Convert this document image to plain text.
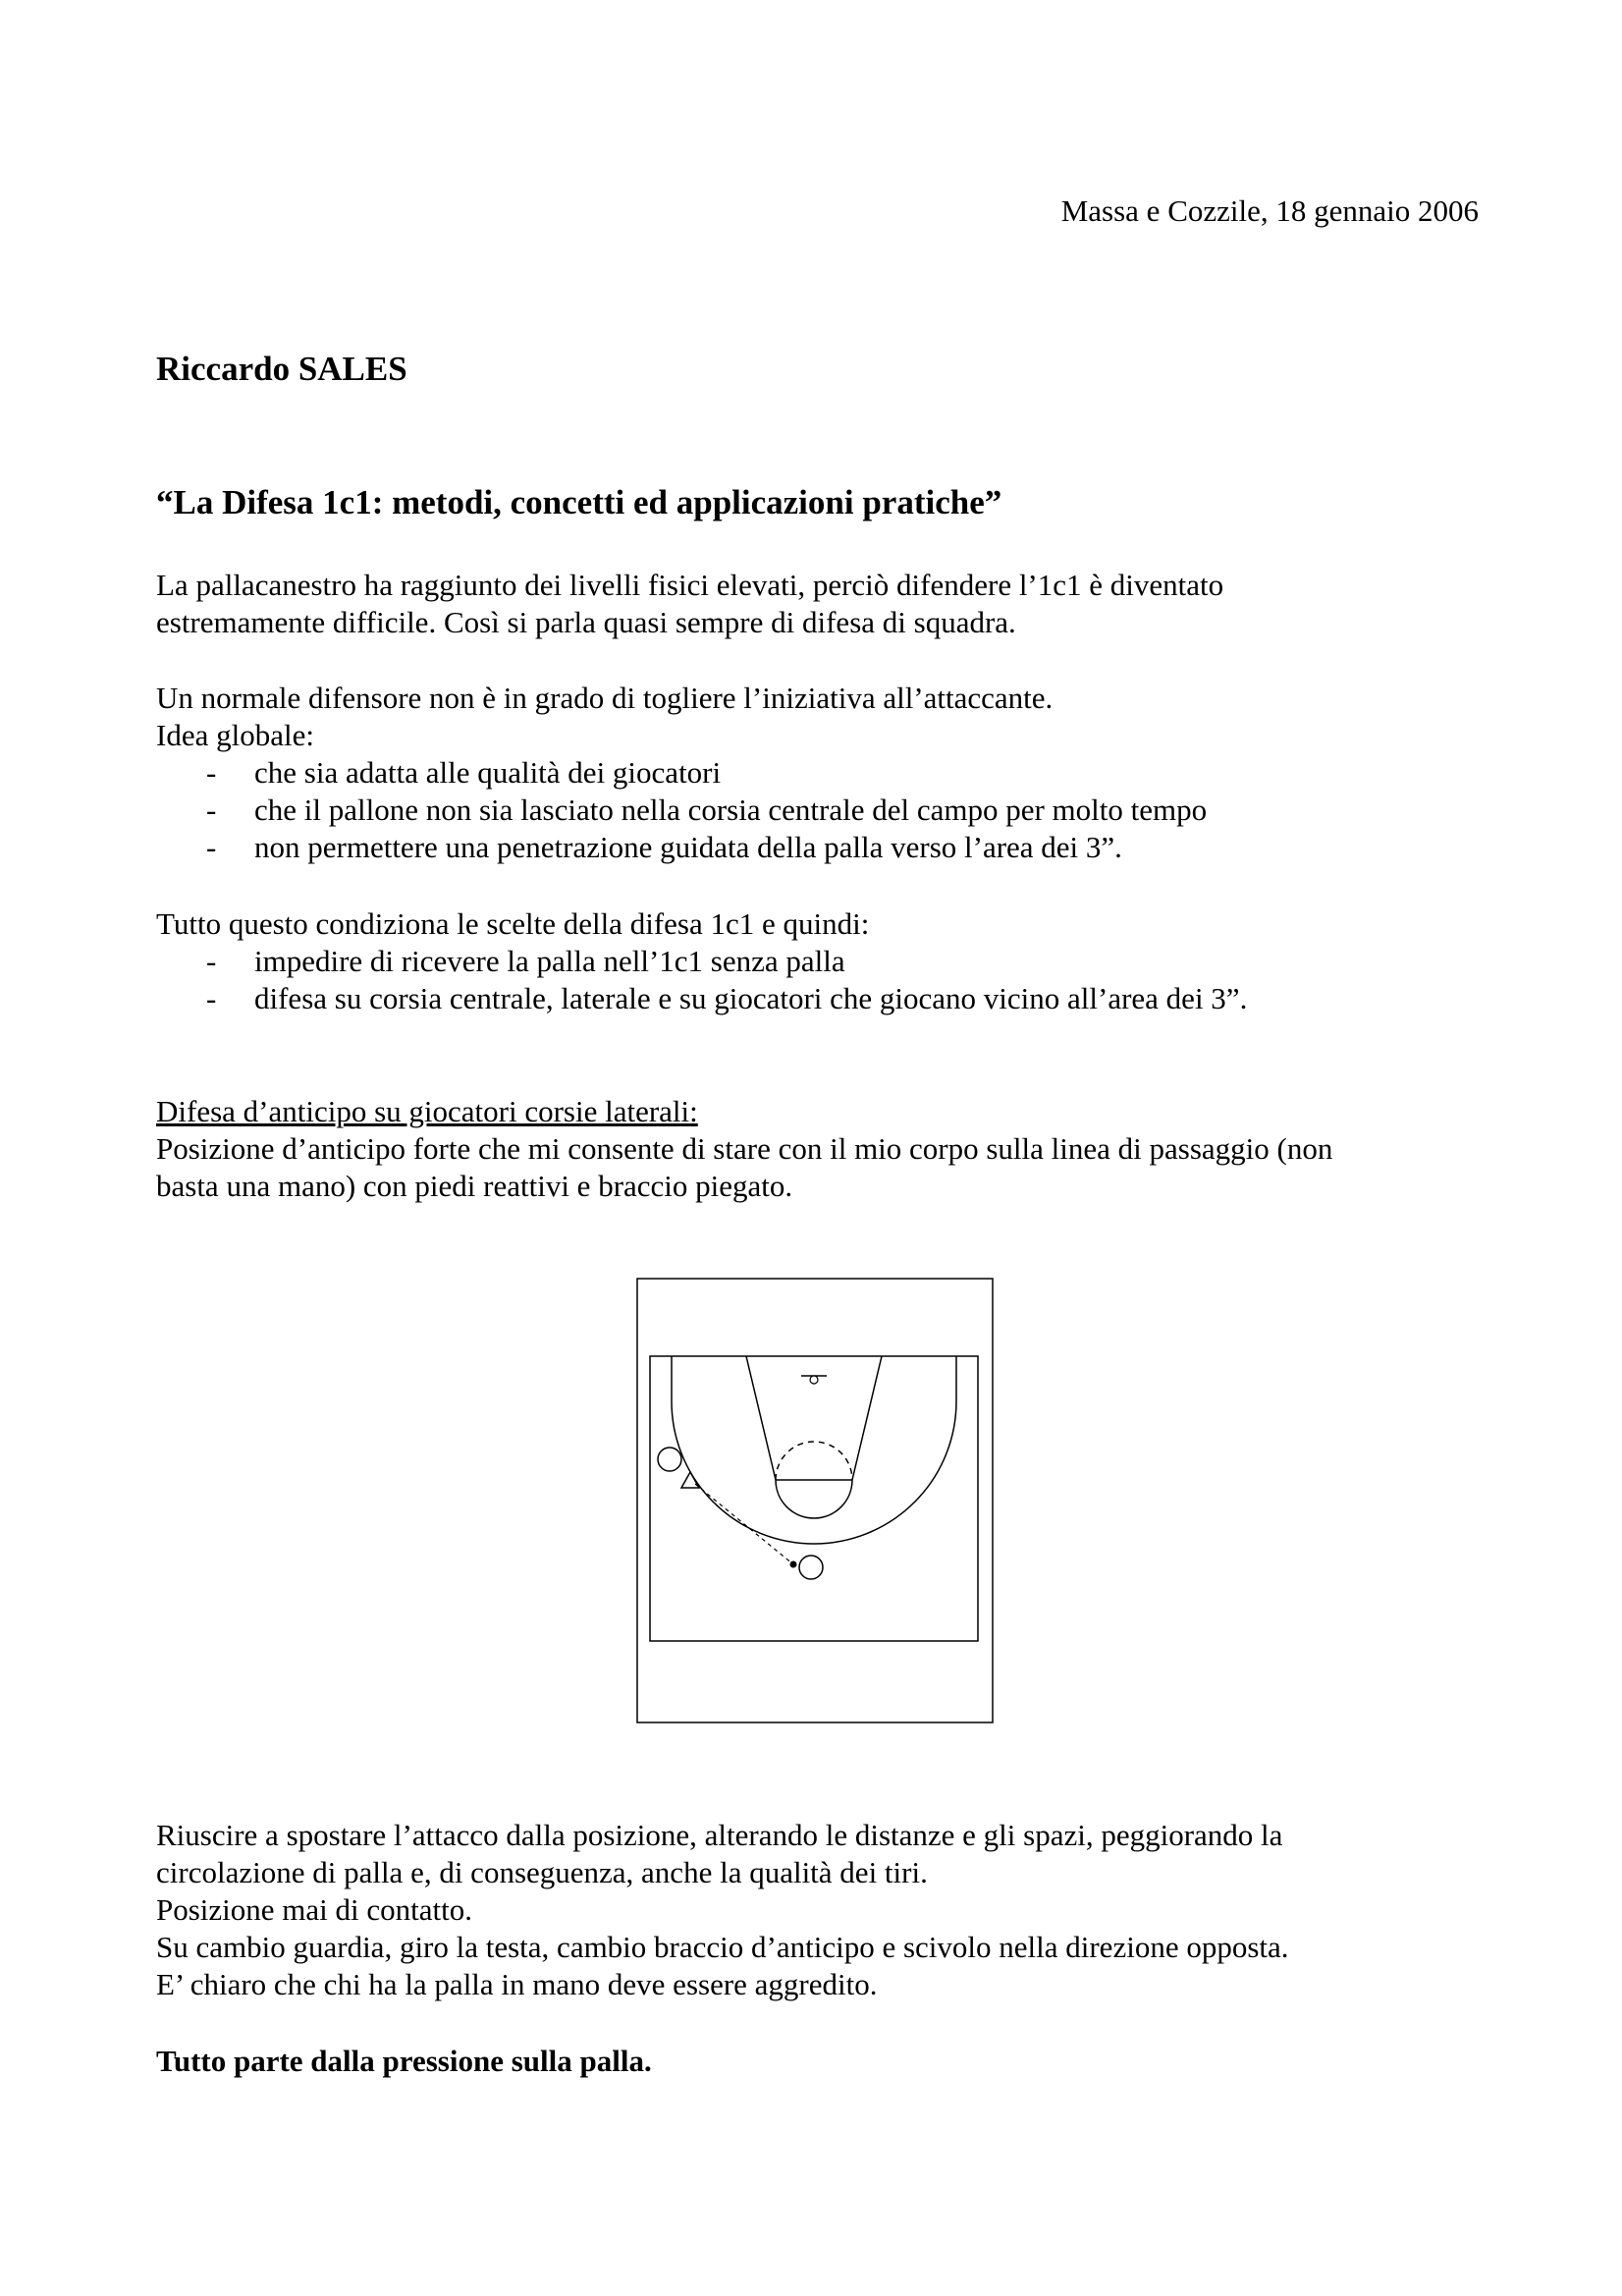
Massa e Cozzile, 18 gennaio 2006
Riccardo SALES
“La Difesa 1c1: metodi, concetti ed applicazioni pratiche”
La pallacanestro ha raggiunto dei livelli fisici elevati, perciò difendere l’1c1 è diventato
estremamente difficile. Così si parla quasi sempre di difesa di squadra.
Un normale difensore non è in grado di togliere l’iniziativa all’attaccante.
Idea globale:
- che sia adatta alle qualità dei giocatori
- che il pallone non sia lasciato nella corsia centrale del campo per molto tempo
- non permettere una penetrazione guidata della palla verso l’area dei 3”.
Tutto questo condiziona le scelte della difesa 1c1 e quindi:
- impedire di ricevere la palla nell’1c1 senza palla
- difesa su corsia centrale, laterale e su giocatori che giocano vicino all’area dei 3”.
Difesa d’anticipo su giocatori corsie laterali:
Posizione d’anticipo forte che mi consente di stare con il mio corpo sulla linea di passaggio (non
basta una mano) con piedi reattivi e braccio piegato.
Riuscire a spostare l’attacco dalla posizione, alterando le distanze e gli spazi, peggiorando la
circolazione di palla e, di conseguenza, anche la qualità dei tiri.
Posizione mai di contatto.
Su cambio guardia, giro la testa, cambio braccio d’anticipo e scivolo nella direzione opposta.
E’ chiaro che chi ha la palla in mano deve essere aggredito.
Tutto parte dalla pressione sulla palla.
